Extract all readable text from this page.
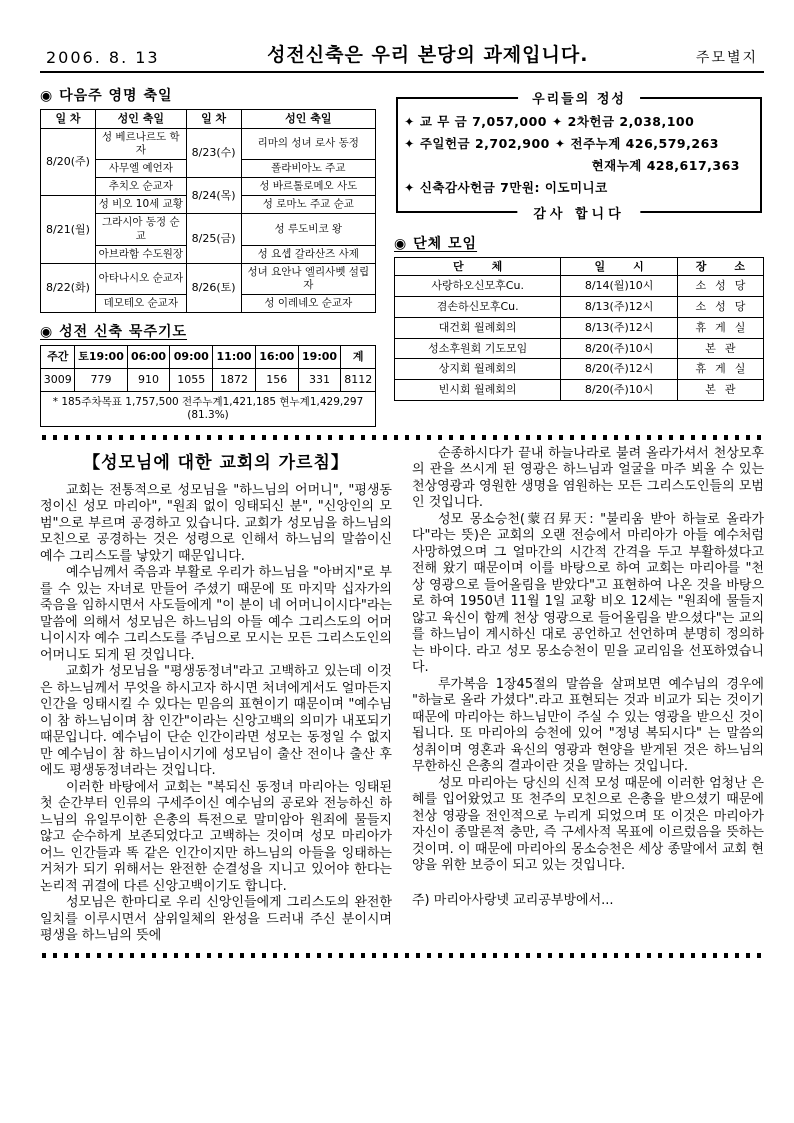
2006. 8. 13	성전신축은 우리 본당의 과제입니다.	주모별지
◉ 다음주 영명 축일
일 차	성인 축일	일 차	성인 축일
8/20(주)	성 베르나르도 학자	8/23(수)	리마의 성녀 로사 동정
	사무엘 예언자		폴라비아노 주교
	추치오 순교자	8/24(목)	성 바르톨로메오 사도
8/21(월)	성 비오 10세 교황		성 로마노 주교 순교
	그라시아 동정 순교	8/25(금)	성 루도비코 왕
	아브라함 수도원장		성 요셉 갈라산즈 사제
8/22(화)	아타나시오 순교자	8/26(토)	성녀 요안나 엘리사벳 설립자
	데모테오 순교자		성 이레네오 순교자
◉ 성전 신축 묵주기도
주간	토19:00	06:00	09:00	11:00	16:00	19:00	계
3009	779	910	1055	1872	156	331	8112
* 185주차목표 1,757,500 전주누계1,421,185 현누계1,429,297 (81.3%)							
우리들의 정성
✦ 교 무 금 7,057,000 ✦ 2차헌금 2,038,100
✦ 주일헌금 2,702,900 ✦ 전주누계 426,579,263
현재누계 428,617,363
✦ 신축감사헌금 7만원: 이도미니코
감사 합니다
◉ 단체 모임
단 체	일 시	장 소
사랑하오신모후Cu.	8/14(월)10시	소 성 당
겸손하신모후Cu.	8/13(주)12시	소 성 당
대건회 월례회의	8/13(주)12시	휴 게 실
성소후원회 기도모임	8/20(주)10시	본 관
상지회 월례회의	8/20(주)12시	휴 게 실
빈시회 월례회의	8/20(주)10시	본 관
【성모님에 대한 교회의 가르침】

교회는 전통적으로 성모님을 "하느님의 어머니", "평생동정이신 성모 마리아", "원죄 없이 잉태되신 분", "신앙인의 모범"으로 부르며 공경하고 있습니다. 교회가 성모님을 하느님의 모친으로 공경하는 것은 성령으로 인해서 하느님의 말씀이신 예수 그리스도를 낳았기 때문입니다.

예수님께서 죽음과 부활로 우리가 하느님을 "아버지"로 부를 수 있는 자녀로 만들어 주셨기 때문에 또 마지막 십자가의 죽음을 임하시면서 사도들에게 "이 분이 네 어머니이시다"라는 말씀에 의해서 성모님은 하느님의 아들 예수 그리스도의 어머니이시자 예수 그리스도를 주님으로 모시는 모든 그리스도인의 어머니도 되게 된 것입니다.

교회가 성모님을 "평생동정녀"라고 고백하고 있는데 이것은 하느님께서 무엇을 하시고자 하시면 처녀에게서도 얼마든지 인간을 잉태시킬 수 있다는 믿음의 표현이기 때문이며 "예수님이 참 하느님이며 참 인간"이라는 신앙고백의 의미가 내포되기 때문입니다. 예수님이 단순 인간이라면 성모는 동정일 수 없지만 예수님이 참 하느님이시기에 성모님이 출산 전이나 출산 후에도 평생동정녀라는 것입니다.

이러한 바탕에서 교회는 "복되신 동정녀 마리아는 잉태된 첫 순간부터 인류의 구세주이신 예수님의 공로와 전능하신 하느님의 유일무이한 은총의 특전으로 말미암아 원죄에 물들지 않고 순수하게 보존되었다고 고백하는 것이며 성모 마리아가 어느 인간들과 똑 같은 인간이지만 하느님의 아들을 잉태하는 거처가 되기 위해서는 완전한 순결성을 지니고 있어야 한다는 논리적 귀결에 다른 신앙고백이기도 합니다.

성모님은 한마디로 우리 신앙인들에게 그리스도의 완전한 일치를 이루시면서 삼위일체의 완성을 드러내 주신 분이시며 평생을 하느님의 뜻에

순종하시다가 끝내 하늘나라로 불려 올라가셔서 천상모후의 관을 쓰시게 된 영광은 하느님과 얼굴을 마주 뵈올 수 있는 천상영광과 영원한 생명을 염원하는 모든 그리스도인들의 모범인 것입니다.

성모 몽소승천(蒙召昇天: "불리움 받아 하늘로 올라가다"라는 뜻)은 교회의 오랜 전승에서 마리아가 아들 예수처럼 사망하였으며 그 얼마간의 시간적 간격을 두고 부활하셨다고 전해 왔기 때문이며 이를 바탕으로 하여 교회는 마리아를 "천상 영광으로 들어올림을 받았다"고 표현하여 나온 것을 바탕으로 하여 1950년 11월 1일 교황 비오 12세는 "원죄에 물들지 않고 육신이 함께 천상 영광으로 들어올림을 받으셨다"는 교의를 하느님이 계시하신 대로 공언하고 선언하며 분명히 정의하는 바이다. 라고 성모 몽소승천이 믿을 교리임을 선포하였습니다.

루가복음 1장45절의 말씀을 살펴보면 예수님의 경우에 "하늘로 올라 가셨다".라고 표현되는 것과 비교가 되는 것이기 때문에 마리아는 하느님만이 주실 수 있는 영광을 받으신 것이 됩니다. 또 마리아의 승천에 있어 "정녕 복되시다" 는 말씀의 성취이며 영혼과 육신의 영광과 현양을 받게된 것은 하느님의 무한하신 은총의 결과이란 것을 말하는 것입니다.

성모 마리아는 당신의 신적 모성 때문에 이러한 엄청난 은혜를 입어왔었고 또 천주의 모친으로 은총을 받으셨기 때문에 천상 영광을 전인적으로 누리게 되었으며 또 이것은 마리아가 자신이 종말론적 충만, 즉 구세사적 목표에 이르렀음을 뜻하는 것이며. 이 때문에 마리아의 몽소승천은 세상 종말에서 교회 현양을 위한 보증이 되고 있는 것입니다.

주) 마리아사랑넷 교리공부방에서...
